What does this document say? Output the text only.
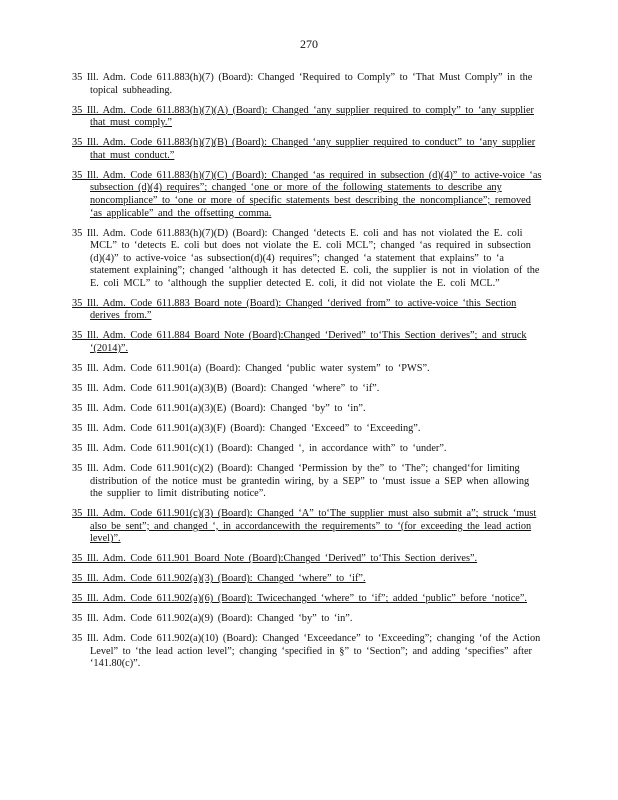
270
35 Ill. Adm. Code 611.883(h)(7) (Board): Changed ‘Required to Comply” to ‘That Must Comply” in the topical subheading.
35 Ill. Adm. Code 611.883(h)(7)(A) (Board): Changed ‘any supplier required to comply” to ‘any supplier that must comply.”
35 Ill. Adm. Code 611.883(h)(7)(B) (Board): Changed ‘any supplier required to conduct” to ‘any supplier that must conduct.”
35 Ill. Adm. Code 611.883(h)(7)(C) (Board): Changed ‘as required in subsection (d)(4)” to active-voice ‘as subsection (d)(4) requires”; changed ‘one or more of the following statements to describe any noncompliance” to ‘one or more of specific statements best describing the noncompliance”; removed ‘as applicable” and the offsetting comma.
35 Ill. Adm. Code 611.883(h)(7)(D) (Board): Changed ‘detects E. coli and has not violated the E. coli MCL” to ‘detects E. coli but does not violate the E. coli MCL”; changed ‘as required in subsection (d)(4)” to active-voice ‘as subsection(d)(4) requires”; changed ‘a statement that explains” to ‘a statement explaining”; changed ‘although it has detected E. coli, the supplier is not in violation of the E. coli MCL” to ‘although the supplier detected E. coli, it did not violate the E. coli MCL.”
35 Ill. Adm. Code 611.883 Board note (Board): Changed ‘derived from” to active-voice ‘this Section derives from.”
35 Ill. Adm. Code 611.884 Board Note (Board):Changed ‘Derived” to‘This Section derives”; and struck ‘(2014)”.
35 Ill. Adm. Code 611.901(a) (Board): Changed ‘public water system” to ‘PWS”.
35 Ill. Adm. Code 611.901(a)(3)(B) (Board): Changed ‘where” to ‘if”.
35 Ill. Adm. Code 611.901(a)(3)(E) (Board): Changed ‘by” to ‘in”.
35 Ill. Adm. Code 611.901(a)(3)(F) (Board): Changed ‘Exceed” to ‘Exceeding”.
35 Ill. Adm. Code 611.901(c)(1) (Board): Changed ‘, in accordance with” to ‘under”.
35 Ill. Adm. Code 611.901(c)(2) (Board): Changed ‘Permission by the” to ‘The”; changed‘for limiting distribution of the notice must be grantedin wiring, by a SEP” to ‘must issue a SEP when allowing the supplier to limit distributing notice”.
35 Ill. Adm. Code 611.901(c)(3) (Board): Changed ‘A” to‘The supplier must also submit a”; struck ‘must also be sent”; and changed ‘, in accordancewith the requirements” to ‘(for exceeding the lead action level)”.
35 Ill. Adm. Code 611.901 Board Note (Board):Changed ‘Derived” to‘This Section derives”.
35 Ill. Adm. Code 611.902(a)(3) (Board): Changed ‘where” to ‘if”.
35 Ill. Adm. Code 611.902(a)(6) (Board): Twicechanged ‘where” to ‘if”; added ‘public” before ‘notice”.
35 Ill. Adm. Code 611.902(a)(9) (Board): Changed ‘by” to ‘in”.
35 Ill. Adm. Code 611.902(a)(10) (Board): Changed ‘Exceedance” to ‘Exceeding”; changing ‘of the Action Level” to ‘the lead action level”; changing ‘specified in §” to ‘Section”; and adding ‘specifies” after ‘141.80(c)”.
